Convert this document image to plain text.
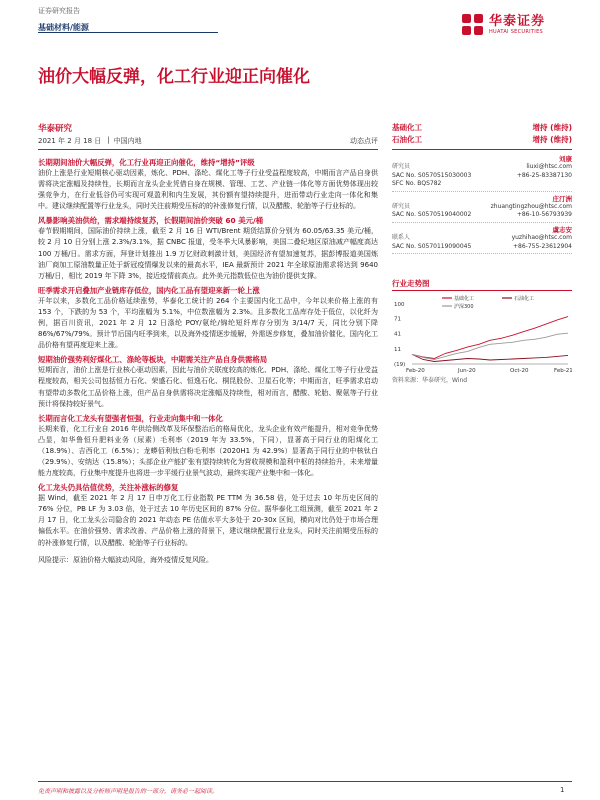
证券研究报告
基础材料/能源	华泰证券
HUATAI SECURITIES
油价大幅反弹，化工行业迎正向催化
华泰研究
2021 年 2 月 18 日 | 中国内地	动态点评
长期期间油价大幅反弹，化工行业再迎正向催化，维持“增持”评级
油价上涨是行业短期核心驱动因素，炼化、PDH、涤纶、煤化工等子行业受益程度较高，中期而言产品自身供需将决定涨幅及持续性，长期而言龙头企业凭借自身在规模、管理、工艺、产业链一体化等方面优势体现出较强竞争力，在行业低谷仍可实现可观盈利和内生发展，其份额有望持续提升，进而带动行业走向一体化和集中。建议继续配置等行业龙头，同时关注前期受压标的的补涨修复行情，以及醋酸、轮胎等子行业标的。
风暴影响美油供给，需求端持续复苏，长假期间油价突破 60 美元/桶
春节假期期间，国际油价持续上涨，截至 2 月 16 日 WTI/Brent 期货结算价分别为 60.05/63.35 美元/桶，较 2 月 10 日分别上涨 2.3%/3.1%，据 CNBC 报道，受冬季大风暴影响，美国二叠纪地区原油减产幅度高达 100 万桶/日。需求方面，拜登计划推出 1.9 万亿财政刺激计划，美国经济有望加速复苏，据彭博报道美国炼油厂商加工原油数量正处于新冠疫情爆发以来的最高水平，IEA 最新预计 2021 年全球原油需求将达到 9640 万桶/日，相比 2019 年下降 3%，接近疫情前高点。此外美元指数低位也为油价提供支撑。
旺季需求开启叠加产业链库存低位，国内化工品有望迎来新一轮上涨
开年以来，多数化工品价格延续涨势，华泰化工统计的 264 个主要国内化工品中，今年以来价格上涨的有 153 个，下跌的为 53 个，平均涨幅为 5.1%，中位数涨幅为 2.3%。且多数化工品库存处于低位，以化纤为例，据百川资讯，2021 年 2 月 12 日涤纶 POY/氨纶/锦纶短纤库存分别为 3/14/7 天，同比分别下降 86%/67%/79%。预计节后国内旺季到来，以及海外疫情逐步缓解，外需逐步修复，叠加油价催化，国内化工品价格有望再度迎来上涨。
短期油价强势利好煤化工、涤纶等板块，中期需关注产品自身供需格局
短期而言，油价上涨是行业核心驱动因素，因此与油价关联度较高的炼化、PDH、涤纶、煤化工等子行业受益程度较高，相关公司包括恒力石化、荣盛石化、恒逸石化、桐昆股份、卫星石化等；中期而言，旺季需求启动有望带动多数化工品价格上涨，但产品自身供需将决定涨幅及持续性，相对而言，醋酸、轮胎、聚氨等子行业预计将保持较好景气。
长期而言化工龙头有望强者恒强，行业走向集中和一体化
长期来看，化工行业自 2016 年供给侧改革及环保整治后的格局优化，龙头企业有效产能提升，相对竞争优势凸显，如华鲁恒升肥料业务（尿素）毛利率（2019 年为 33.5%，下同），显著高于同行业的阳煤化工（18.9%）、吉西化工（6.5%）；龙蟒佰利钛白粉毛利率（2020H1 为 42.9%）显著高于同行业的中核钛白（29.9%）、安纳达（15.8%）；头部企业产能扩张有望持续转化为营收规模和盈利中枢的持续抬升，未来增量能力度较高，行业集中度提升也将进一步平缓行业景气波动，最终实现产业集中和一体化。
化工龙头仍具估值优势，关注补涨标的修复
据 Wind，截至 2021 年 2 月 17 日申万化工行业指数 PE TTM 为 36.58 倍，处于过去 10 年历史区间的 76% 分位，PB LF 为 3.03 倍，处于过去 10 年历史区间的 87% 分位。据华泰化工组预测，截至 2021 年 2 月 17 日，化工龙头公司隐含的 2021 年动态 PE 估值水平大多处于 20-30x 区间，横向对比仍处于市场合理偏低水平。在油价强势、需求改善、产品价格上涨的背景下，建议继续配置行业龙头，同时关注前期受压标的的补涨修复行情，以及醋酸、轮胎等子行业标的。
风险提示：原油价格大幅波动风险，海外疫情反复风险。
基础化工	增持 (维持)
石油化工	增持 (维持)
刘康
研究员	liuxi@htsc.com
SAC No. S0570515030003	+86-25-83387130
SFC No. BQS782
庄汀洲
研究员	zhuangtingzhou@htsc.com
SAC No. S0570519040002	+86-10-56793939
虞志安
联系人	yuzhihao@htsc.com
SAC No. S0570119090045	+86-755-23612904
行业走势图
基础化工	石油化工
沪深300
100
71
41
11
(19)
Feb-20	Jun-20	Oct-20	Feb-21
资料来源：华泰研究，Wind
免责声明和披露以及分析师声明是报告的一部分，请务必一起阅读。	1
